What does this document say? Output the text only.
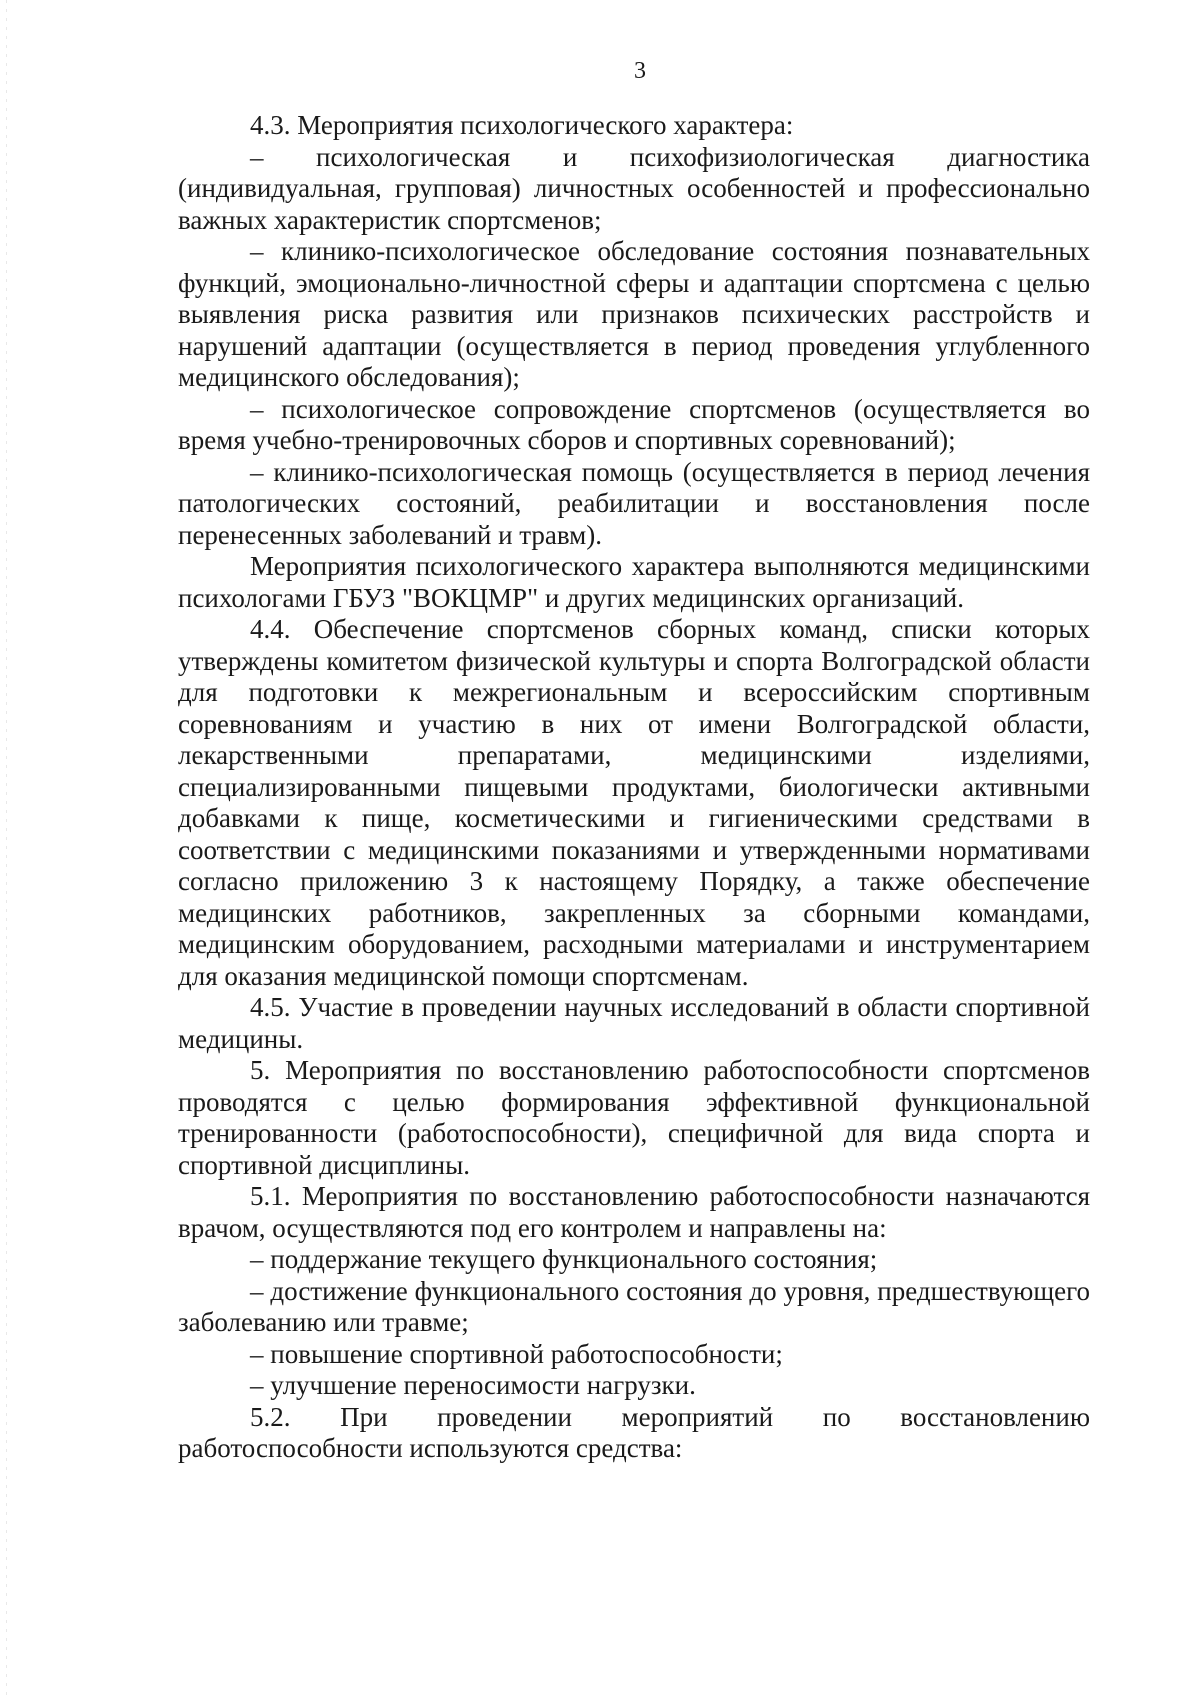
3

4.3. Мероприятия психологического характера:

– психологическая и психофизиологическая диагностика (индивидуальная, групповая) личностных особенностей и профессионально важных характеристик спортсменов;

– клинико-психологическое обследование состояния познавательных функций, эмоционально-личностной сферы и адаптации спортсмена с целью выявления риска развития или признаков психических расстройств и нарушений адаптации (осуществляется в период проведения углубленного медицинского обследования);

– психологическое сопровождение спортсменов (осуществляется во время учебно-тренировочных сборов и спортивных соревнований);

– клинико-психологическая помощь (осуществляется в период лечения патологических состояний, реабилитации и восстановления после перенесенных заболеваний и травм).

Мероприятия психологического характера выполняются медицинскими психологами ГБУЗ "ВОКЦМР" и других медицинских организаций.

4.4. Обеспечение спортсменов сборных команд, списки которых утверждены комитетом физической культуры и спорта Волгоградской области для подготовки к межрегиональным и всероссийским спортивным соревнованиям и участию в них от имени Волгоградской области, лекарственными препаратами, медицинскими изделиями, специализированными пищевыми продуктами, биологически активными добавками к пище, косметическими и гигиеническими средствами в соответствии с медицинскими показаниями и утвержденными нормативами согласно приложению 3 к настоящему Порядку, а также обеспечение медицинских работников, закрепленных за сборными командами, медицинским оборудованием, расходными материалами и инструментарием для оказания медицинской помощи спортсменам.

4.5. Участие в проведении научных исследований в области спортивной медицины.

5. Мероприятия по восстановлению работоспособности спортсменов проводятся с целью формирования эффективной функциональной тренированности (работоспособности), специфичной для вида спорта и спортивной дисциплины.

5.1. Мероприятия по восстановлению работоспособности назначаются врачом, осуществляются под его контролем и направлены на:

– поддержание текущего функционального состояния;

– достижение функционального состояния до уровня, предшествующего заболеванию или травме;

– повышение спортивной работоспособности;

– улучшение переносимости нагрузки.

5.2. При проведении мероприятий по восстановлению работоспособности используются средства:
